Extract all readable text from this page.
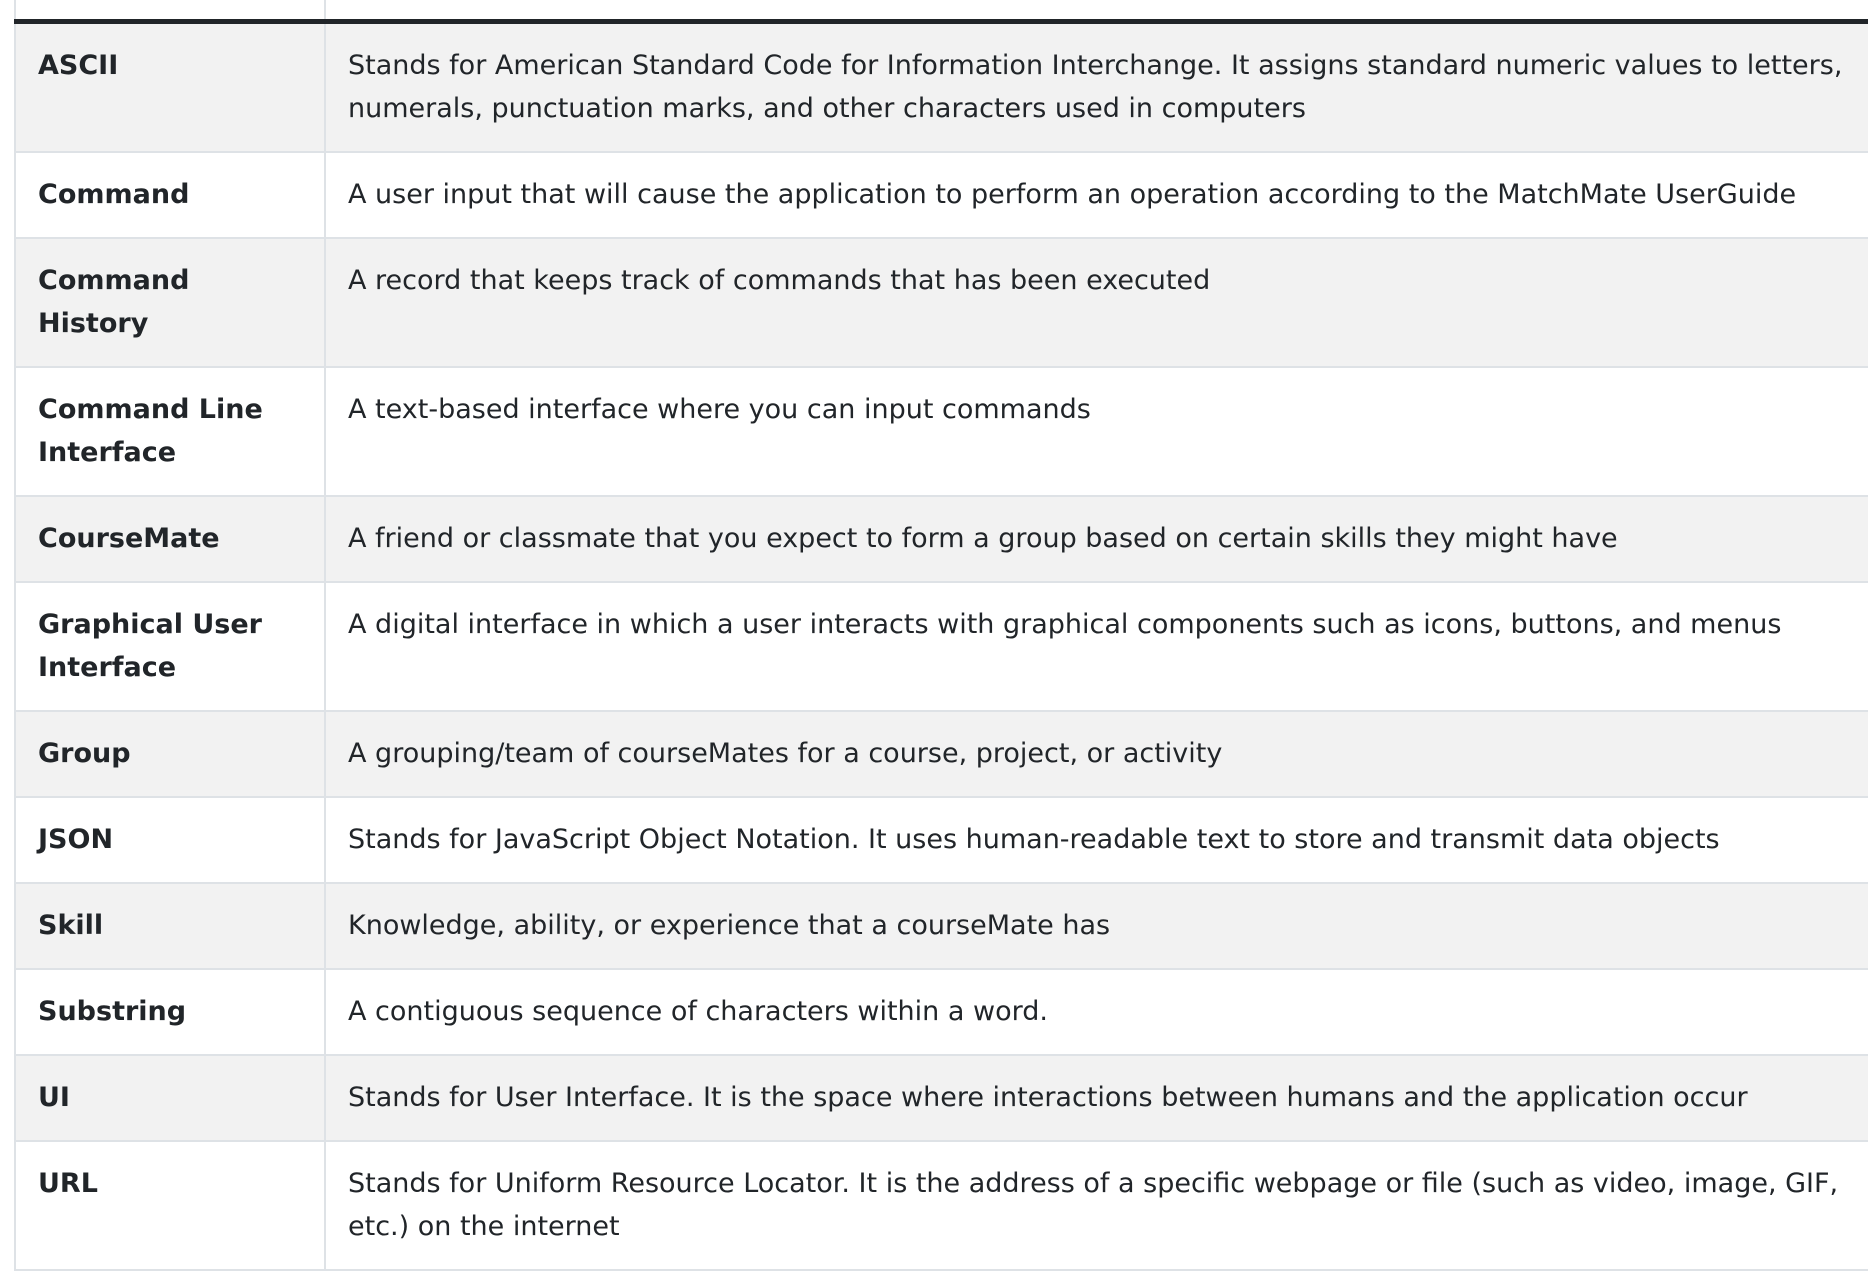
ASCII	Stands for American Standard Code for Information Interchange. It assigns standard numeric values to letters, numerals, punctuation marks, and other characters used in computers
Command	A user input that will cause the application to perform an operation according to the MatchMate UserGuide
Command History	A record that keeps track of commands that has been executed
Command Line Interface	A text-based interface where you can input commands
CourseMate	A friend or classmate that you expect to form a group based on certain skills they might have
Graphical User Interface	A digital interface in which a user interacts with graphical components such as icons, buttons, and menus
Group	A grouping/team of courseMates for a course, project, or activity
JSON	Stands for JavaScript Object Notation. It uses human-readable text to store and transmit data objects
Skill	Knowledge, ability, or experience that a courseMate has
Substring	A contiguous sequence of characters within a word.
UI	Stands for User Interface. It is the space where interactions between humans and the application occur
URL	Stands for Uniform Resource Locator. It is the address of a specific webpage or file (such as video, image, GIF, etc.) on the internet
